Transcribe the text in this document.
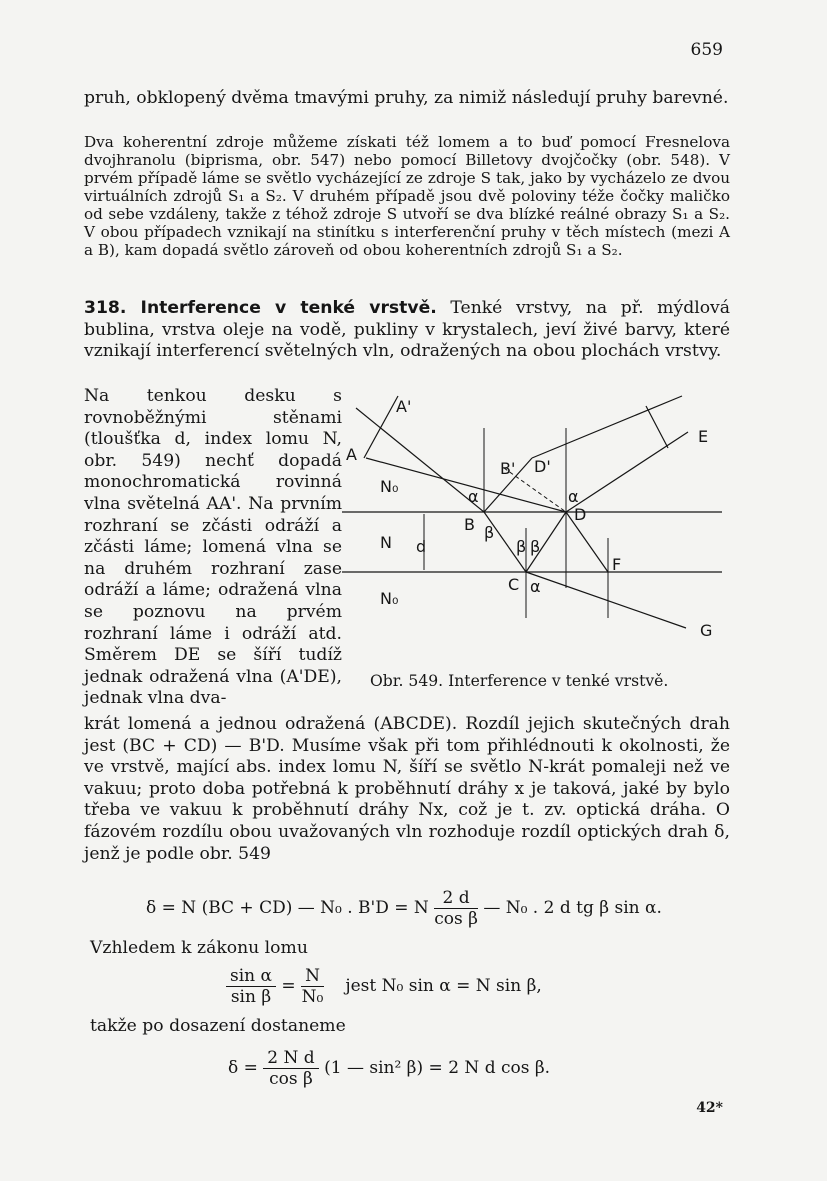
659
pruh, obklopený dvěma tmavými pruhy, za nimiž následují pruhy barevné.
Dva koherentní zdroje můžeme získati též lomem a to buď pomocí Fresnelova dvojhranolu (biprisma, obr. 547) nebo pomocí Billetovy dvojčočky (obr. 548). V prvém případě láme se světlo vycházející ze zdroje S tak, jako by vycházelo ze dvou virtuálních zdrojů S₁ a S₂. V druhém případě jsou dvě poloviny téže čočky maličko od sebe vzdáleny, takže z téhož zdroje S utvoří se dva blízké reálné obrazy S₁ a S₂. V obou případech vznikají na stinítku s interferenční pruhy v těch místech (mezi A a B), kam dopadá světlo zároveň od obou koherentních zdrojů S₁ a S₂.
318. Interference v tenké vrstvě. Tenké vrstvy, na př. mýdlová bublina, vrstva oleje na vodě, pukliny v krystalech, jeví živé barvy, které vznikají interferencí světelných vln, odražených na obou plochách vrstvy.
Na tenkou desku s rovnoběžnými stěnami (tloušťka d, index lomu N, obr. 549) nechť dopadá monochromatická rovinná vlna světelná AA'. Na prvním rozhraní se zčásti odráží a zčásti láme; lomená vlna se na druhém rozhraní zase odráží a láme; odražená vlna se poznovu na prvém rozhraní láme i odráží atd. Směrem DE se šíří tudíž jednak odražená vlna (A'DE), jednak vlna dva-
A'
A
E
G
B' D'
B
D
C
F
N₀
N
N₀
d
α	α
α
β
β β
Obr. 549. Interference v tenké vrstvě.
krát lomená a jednou odražená (ABCDE). Rozdíl jejich skutečných drah jest (BC + CD) — B'D. Musíme však při tom přihlédnouti k okolnosti, že ve vrstvě, mající abs. index lomu N, šíří se světlo N-krát pomaleji než ve vakuu; proto doba potřebná k proběhnutí dráhy x je taková, jaké by bylo třeba ve vakuu k proběhnutí dráhy Nx, což je t. zv. optická dráha. O fázovém rozdílu obou uvažovaných vln rozhoduje rozdíl optických drah δ, jenž je podle obr. 549
δ = N (BC + CD) — N₀ . B'D = N $\frac{2 d}{\text{cos β}}$ — N₀ . 2 d tg β sin α.
Vzhledem k zákonu lomu
$\frac{\text{sin α}}{\text{sin β}} = \frac{N}{\text{N₀}}$ jest N₀ sin α = N sin β,
takže po dosazení dostaneme
$\delta = \frac{\text{2 N d}}{\text{cos β}} (1$ — sin² β) = 2 N d cos β.
42*
